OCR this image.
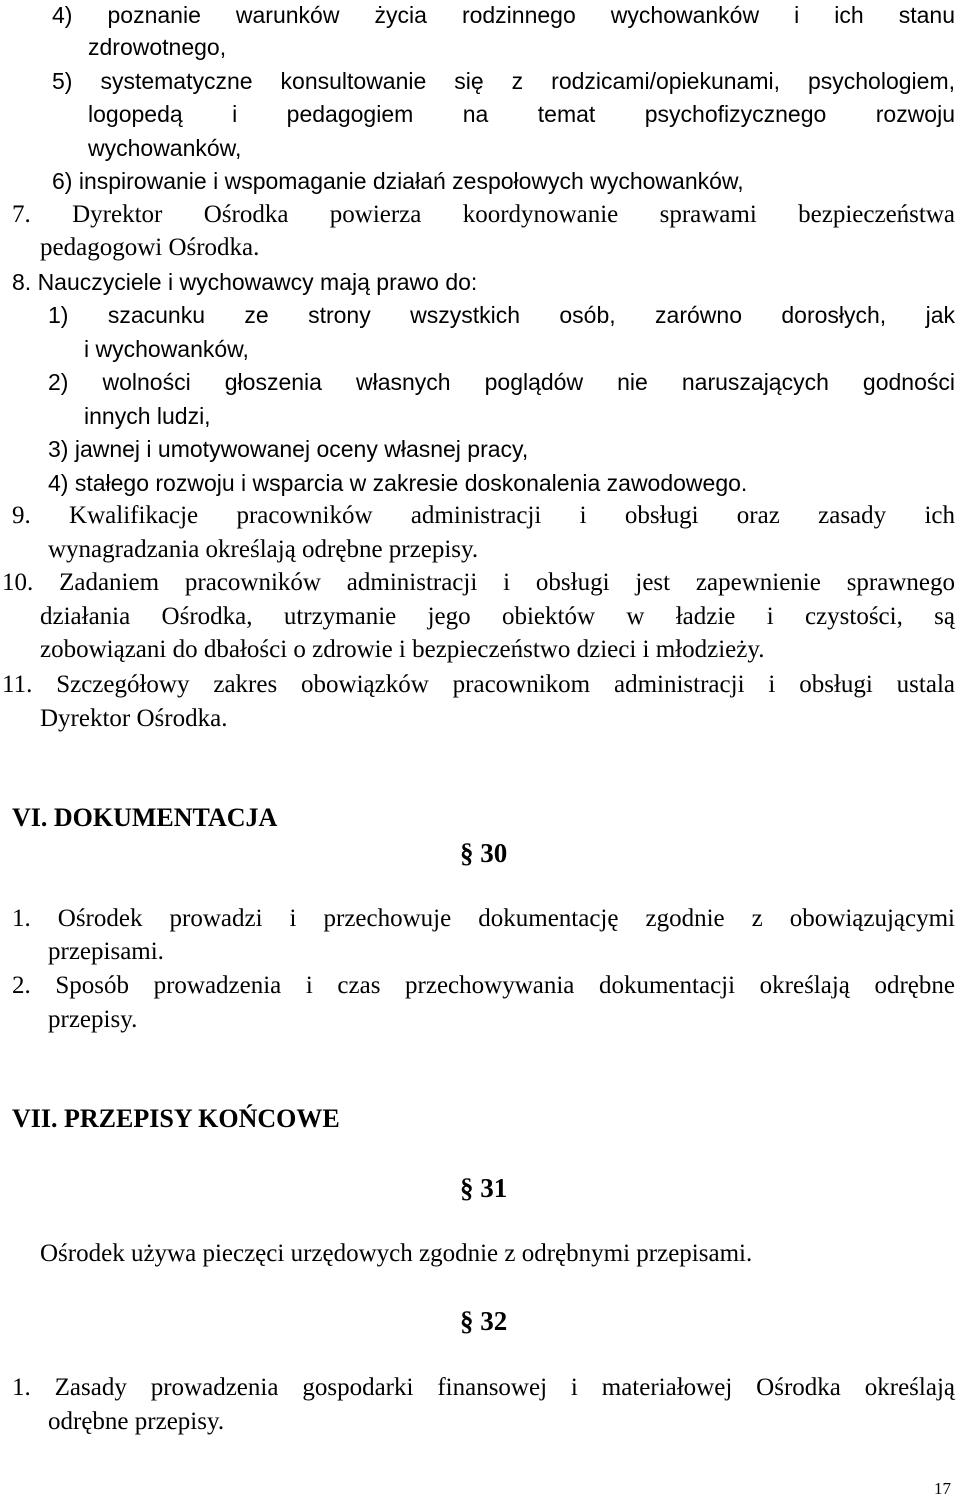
4) poznanie warunków życia rodzinnego wychowanków i ich stanu

zdrowotnego,

5) systematyczne konsultowanie się z rodzicami/opiekunami, psychologiem,

logopedą i pedagogiem na temat psychofizycznego rozwoju

wychowanków,

6) inspirowanie i wspomaganie działań zespołowych wychowanków,

7. Dyrektor Ośrodka powierza koordynowanie sprawami bezpieczeństwa

pedagogowi Ośrodka.

8. Nauczyciele i wychowawcy mają prawo do:

1) szacunku ze strony wszystkich osób, zarówno dorosłych, jak

i wychowanków,

2) wolności głoszenia własnych poglądów nie naruszających godności

innych ludzi,

3) jawnej i umotywowanej oceny własnej pracy,

4) stałego rozwoju i wsparcia w zakresie doskonalenia zawodowego.

9. Kwalifikacje pracowników administracji i obsługi oraz zasady ich

wynagradzania określają odrębne przepisy.

10. Zadaniem pracowników administracji i obsługi jest zapewnienie sprawnego

działania Ośrodka, utrzymanie jego obiektów w ładzie i czystości, są

zobowiązani do dbałości o zdrowie i bezpieczeństwo dzieci i młodzieży.

11. Szczegółowy zakres obowiązków pracownikom administracji i obsługi ustala

Dyrektor Ośrodka.

VI. DOKUMENTACJA

§ 30

1. Ośrodek prowadzi i przechowuje dokumentację zgodnie z obowiązującymi

przepisami.

2. Sposób prowadzenia i czas przechowywania dokumentacji określają odrębne

przepisy.

VII. PRZEPISY KOŃCOWE

§ 31

Ośrodek używa pieczęci urzędowych zgodnie z odrębnymi przepisami.

§ 32

1. Zasady prowadzenia gospodarki finansowej i materiałowej Ośrodka określają

odrębne przepisy.

17
